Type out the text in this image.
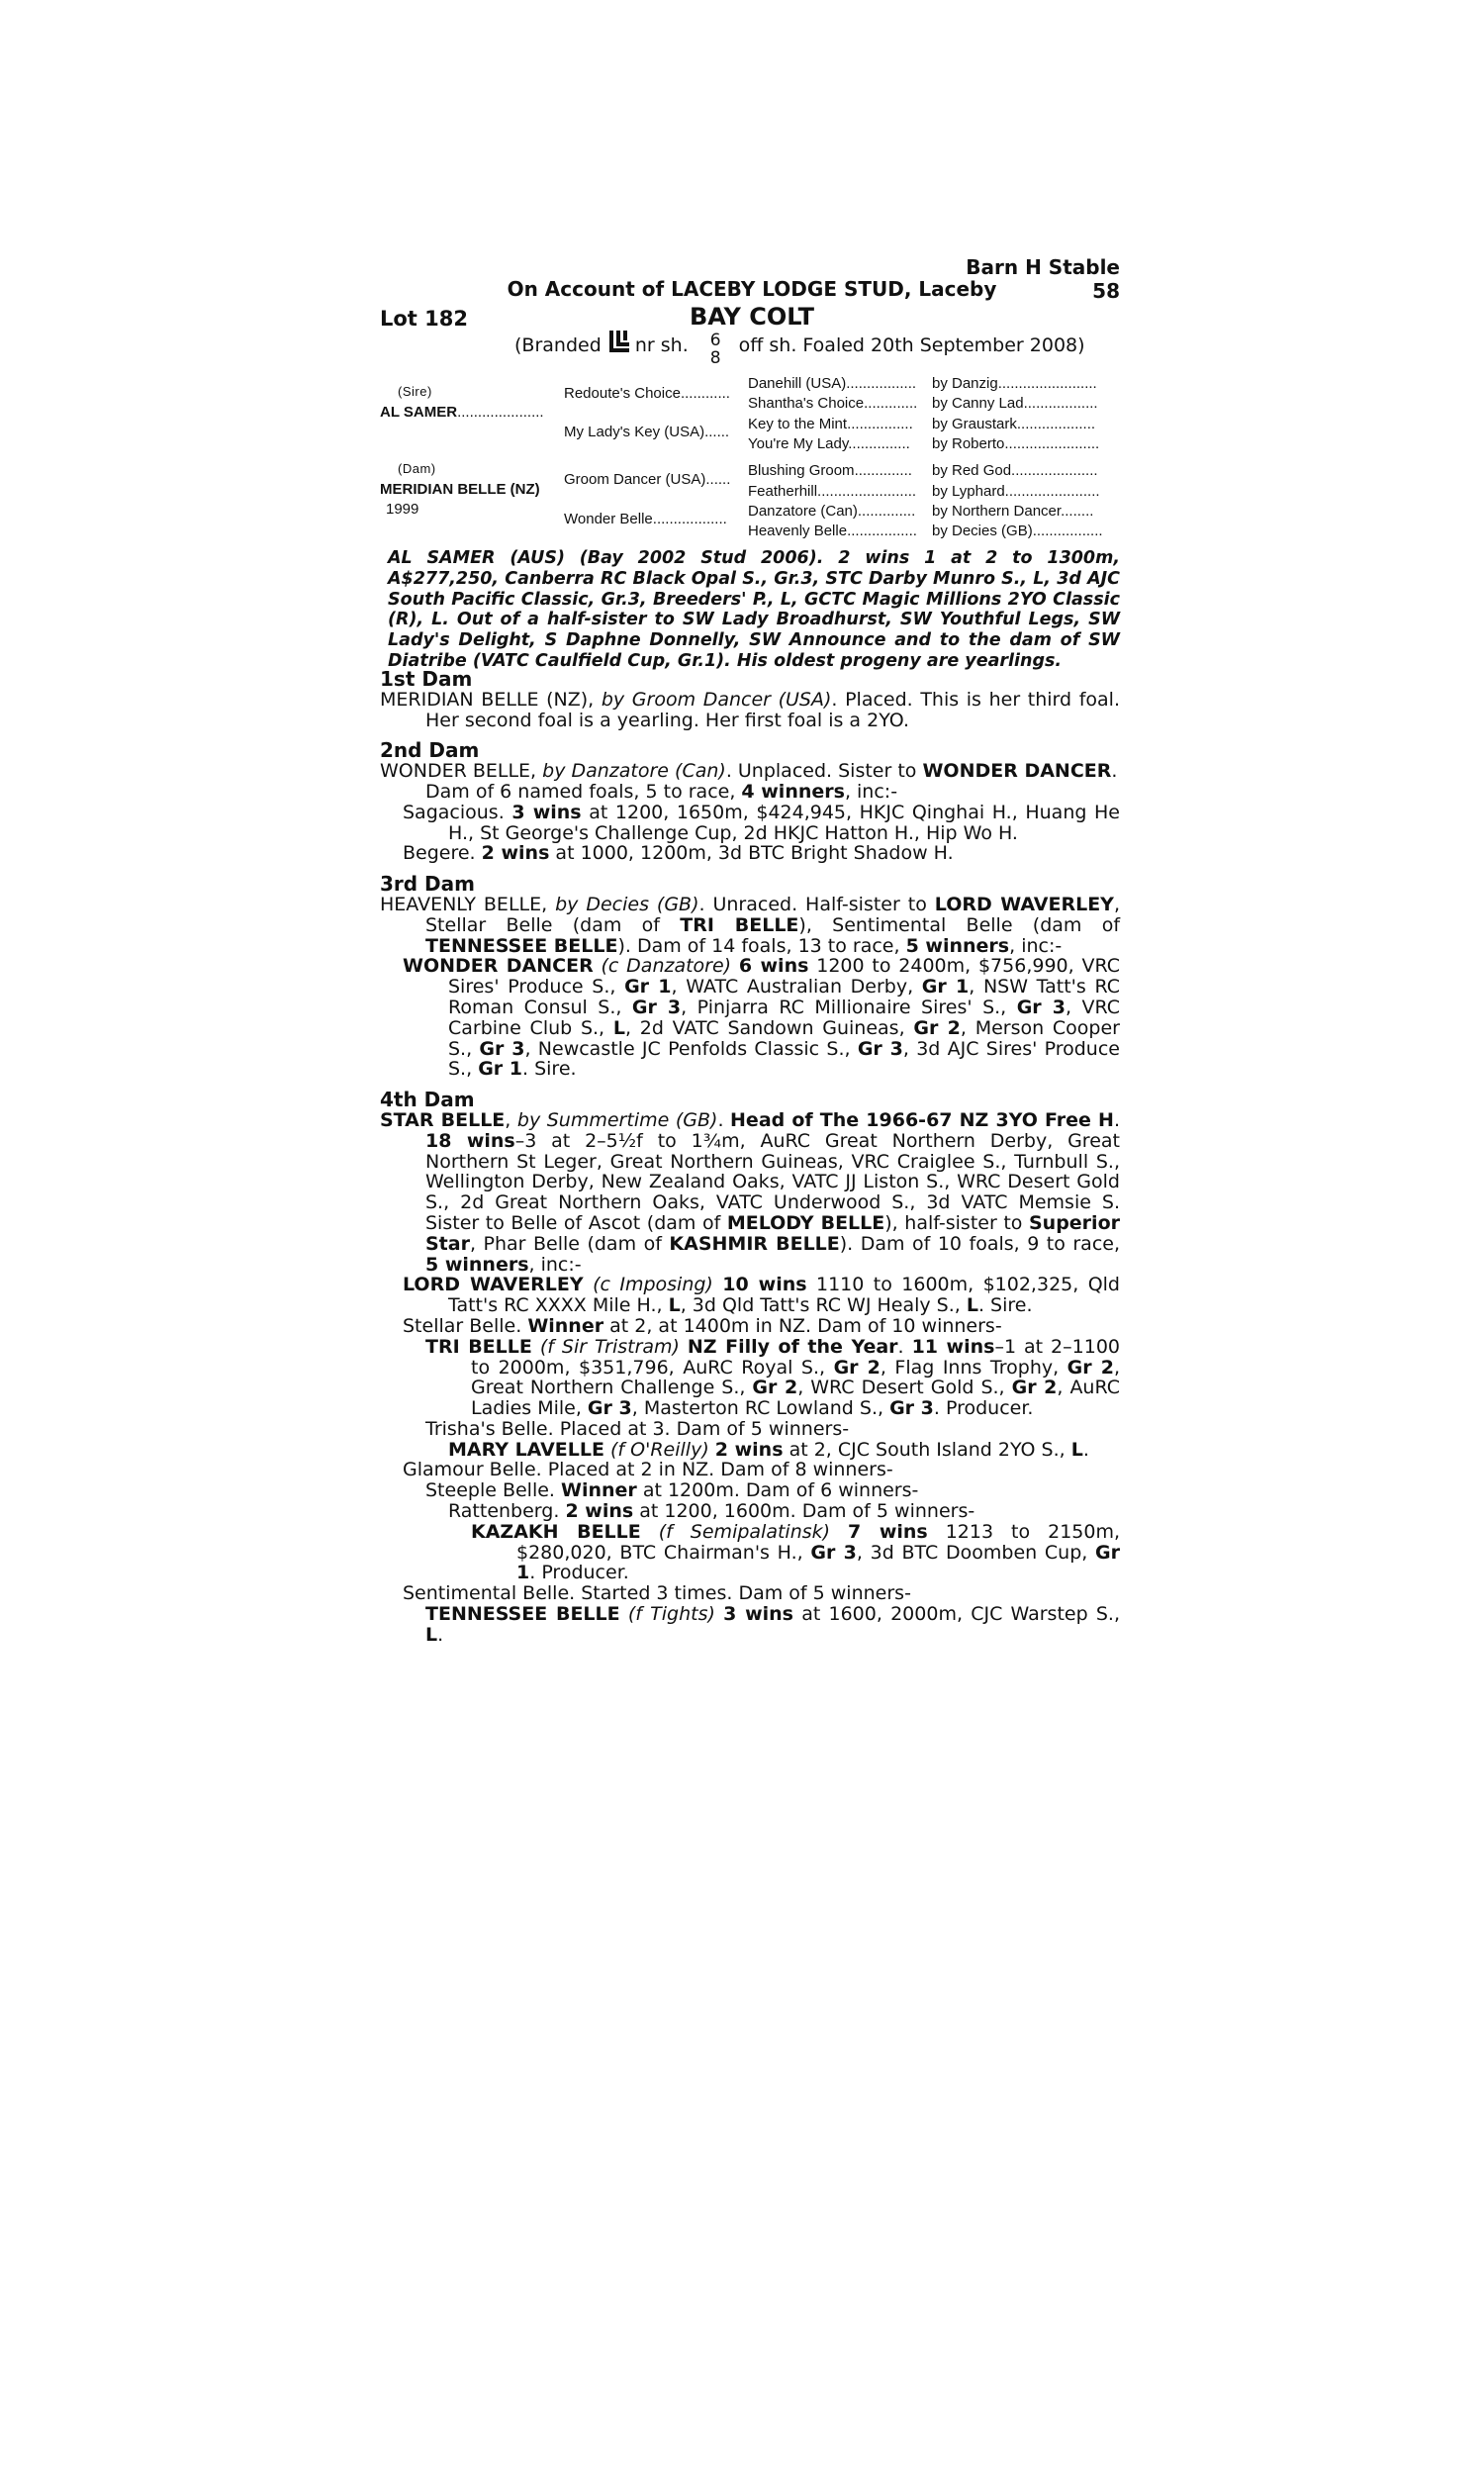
Barn H Stable 58
On Account of LACEBY LODGE STUD, Laceby
Lot 182	BAY COLT
(Branded nr sh. 6
8
off sh. Foaled 20th September 2008)
(Sire)
AL SAMER.....................
(Dam)
MERIDIAN BELLE (NZ)
1999
Redoute's Choice............
My Lady's Key (USA)......
Groom Dancer (USA)......
Wonder Belle..................
Danehill (USA).................
Shantha's Choice.............
Key to the Mint................
You're My Lady...............
Blushing Groom..............
Featherhill........................
Danzatore (Can)..............
Heavenly Belle.................
by Danzig........................
by Canny Lad..................
by Graustark...................
by Roberto.......................
by Red God.....................
by Lyphard.......................
by Northern Dancer........
by Decies (GB).................
AL SAMER (AUS) (Bay 2002 Stud 2006). 2 wins 1 at 2 to 1300m, A$277,250, Canberra RC Black Opal S., Gr.3, STC Darby Munro S., L, 3d AJC South Pacific Classic, Gr.3, Breeders' P., L, GCTC Magic Millions 2YO Classic (R), L. Out of a half-sister to SW Lady Broadhurst, SW Youthful Legs, SW Lady's Delight, S Daphne Donnelly, SW Announce and to the dam of SW Diatribe (VATC Caulfield Cup, Gr.1). His oldest progeny are yearlings.
1st Dam

MERIDIAN BELLE (NZ), by Groom Dancer (USA). Placed. This is her third foal. Her second foal is a yearling. Her first foal is a 2YO.

2nd Dam

WONDER BELLE, by Danzatore (Can). Unplaced. Sister to WONDER DANCER.
Dam of 6 named foals, 5 to race, 4 winners, inc:-

Sagacious. 3 wins at 1200, 1650m, $424,945, HKJC Qinghai H., Huang He H., St George's Challenge Cup, 2d HKJC Hatton H., Hip Wo H.

Begere. 2 wins at 1000, 1200m, 3d BTC Bright Shadow H.

3rd Dam

HEAVENLY BELLE, by Decies (GB). Unraced. Half-sister to LORD WAVERLEY, Stellar Belle (dam of TRI BELLE), Sentimental Belle (dam of TENNESSEE BELLE). Dam of 14 foals, 13 to race, 5 winners, inc:-

WONDER DANCER (c Danzatore) 6 wins 1200 to 2400m, $756,990, VRC Sires' Produce S., Gr 1, WATC Australian Derby, Gr 1, NSW Tatt's RC Roman Consul S., Gr 3, Pinjarra RC Millionaire Sires' S., Gr 3, VRC Carbine Club S., L, 2d VATC Sandown Guineas, Gr 2, Merson Cooper S., Gr 3, Newcastle JC Penfolds Classic S., Gr 3, 3d AJC Sires' Produce S., Gr 1. Sire.

4th Dam

STAR BELLE, by Summertime (GB). Head of The 1966-67 NZ 3YO Free H. 18 wins–3 at 2–5½f to 1¾m, AuRC Great Northern Derby, Great Northern St Leger, Great Northern Guineas, VRC Craiglee S., Turnbull S., Wellington Derby, New Zealand Oaks, VATC JJ Liston S., WRC Desert Gold S., 2d Great Northern Oaks, VATC Underwood S., 3d VATC Memsie S. Sister to Belle of Ascot (dam of MELODY BELLE), half-sister to Superior Star, Phar Belle (dam of KASHMIR BELLE). Dam of 10 foals, 9 to race, 5 winners, inc:-

LORD WAVERLEY (c Imposing) 10 wins 1110 to 1600m, $102,325, Qld Tatt's RC XXXX Mile H., L, 3d Qld Tatt's RC WJ Healy S., L. Sire.

Stellar Belle. Winner at 2, at 1400m in NZ. Dam of 10 winners-

TRI BELLE (f Sir Tristram) NZ Filly of the Year. 11 wins–1 at 2–1100 to 2000m, $351,796, AuRC Royal S., Gr 2, Flag Inns Trophy, Gr 2, Great Northern Challenge S., Gr 2, WRC Desert Gold S., Gr 2, AuRC Ladies Mile, Gr 3, Masterton RC Lowland S., Gr 3. Producer.

Trisha's Belle. Placed at 3. Dam of 5 winners-

MARY LAVELLE (f O'Reilly) 2 wins at 2, CJC South Island 2YO S., L.

Glamour Belle. Placed at 2 in NZ. Dam of 8 winners-

Steeple Belle. Winner at 1200m. Dam of 6 winners-

Rattenberg. 2 wins at 1200, 1600m. Dam of 5 winners-

KAZAKH BELLE (f Semipalatinsk) 7 wins 1213 to 2150m, $280,020, BTC Chairman's H., Gr 3, 3d BTC Doomben Cup, Gr 1. Producer.

Sentimental Belle. Started 3 times. Dam of 5 winners-

TENNESSEE BELLE (f Tights) 3 wins at 1600, 2000m, CJC Warstep S., L.
